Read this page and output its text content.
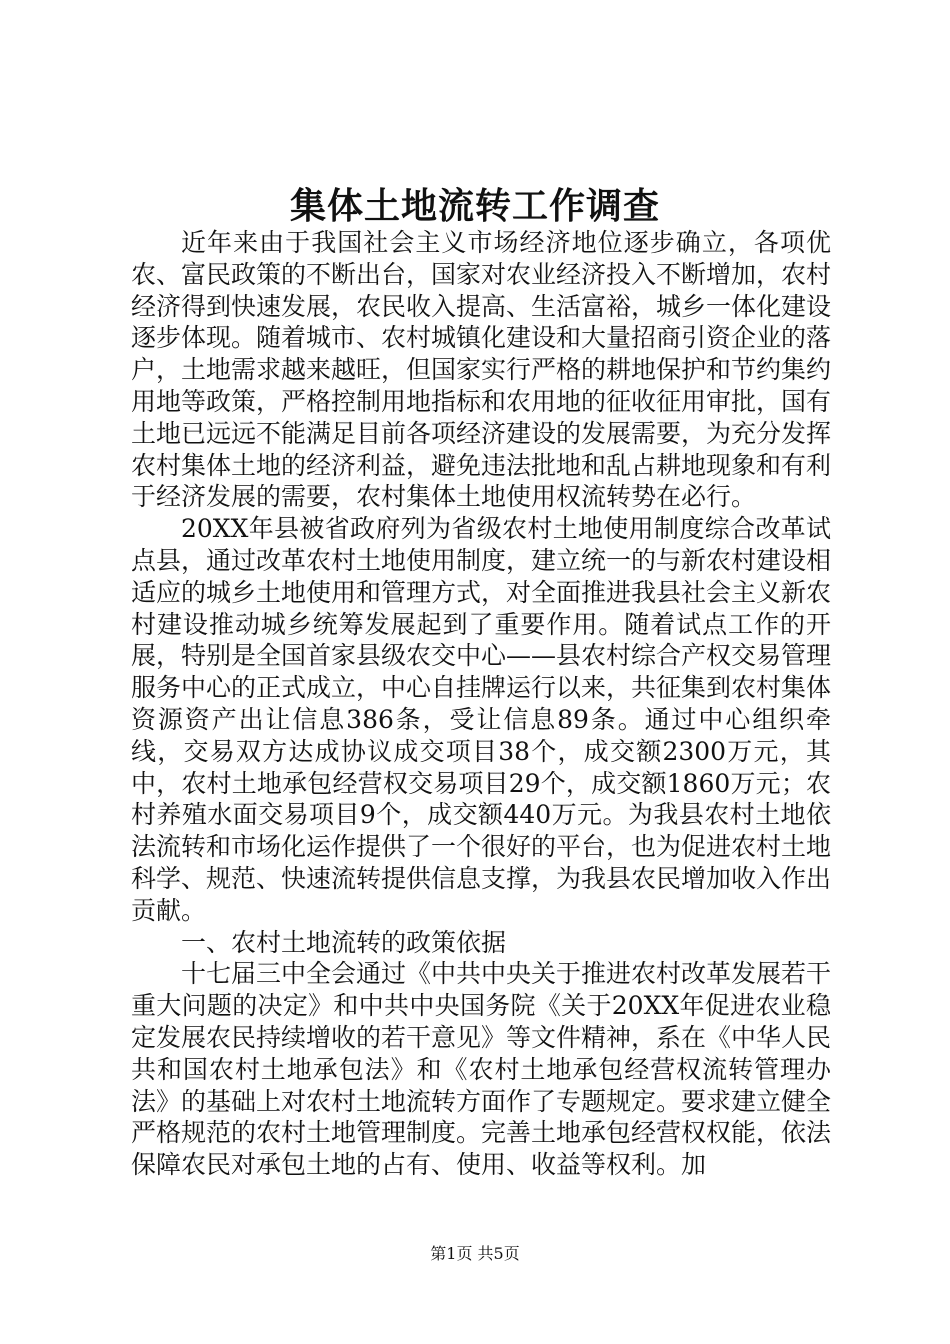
集体土地流转工作调查

近年来由于我国社会主义市场经济地位逐步确立，各项优农、富民政策的不断出台，国家对农业经济投入不断增加，农村经济得到快速发展，农民收入提高、生活富裕，城乡一体化建设逐步体现。随着城市、农村城镇化建设和大量招商引资企业的落户，土地需求越来越旺，但国家实行严格的耕地保护和节约集约用地等政策，严格控制用地指标和农用地的征收征用审批，国有土地已远远不能满足目前各项经济建设的发展需要，为充分发挥农村集体土地的经济利益，避免违法批地和乱占耕地现象和有利于经济发展的需要，农村集体土地使用权流转势在必行。

20XX年县被省政府列为省级农村土地使用制度综合改革试点县，通过改革农村土地使用制度，建立统一的与新农村建设相适应的城乡土地使用和管理方式，对全面推进我县社会主义新农村建设推动城乡统筹发展起到了重要作用。随着试点工作的开展，特别是全国首家县级农交中心——县农村综合产权交易管理服务中心的正式成立，中心自挂牌运行以来，共征集到农村集体资源资产出让信息386条，受让信息89条。通过中心组织牵线，交易双方达成协议成交项目38个，成交额2300万元，其中，农村土地承包经营权交易项目29个，成交额1860万元；农村养殖水面交易项目9个，成交额440万元。为我县农村土地依法流转和市场化运作提供了一个很好的平台，也为促进农村土地科学、规范、快速流转提供信息支撑，为我县农民增加收入作出贡献。

一、农村土地流转的政策依据

十七届三中全会通过《中共中央关于推进农村改革发展若干重大问题的决定》和中共中央国务院《关于20XX年促进农业稳定发展农民持续增收的若干意见》等文件精神，系在《中华人民共和国农村土地承包法》和《农村土地承包经营权流转管理办法》的基础上对农村土地流转方面作了专题规定。要求建立健全严格规范的农村土地管理制度。完善土地承包经营权权能，依法保障农民对承包土地的占有、使用、收益等权利。加

第1页 共5页
